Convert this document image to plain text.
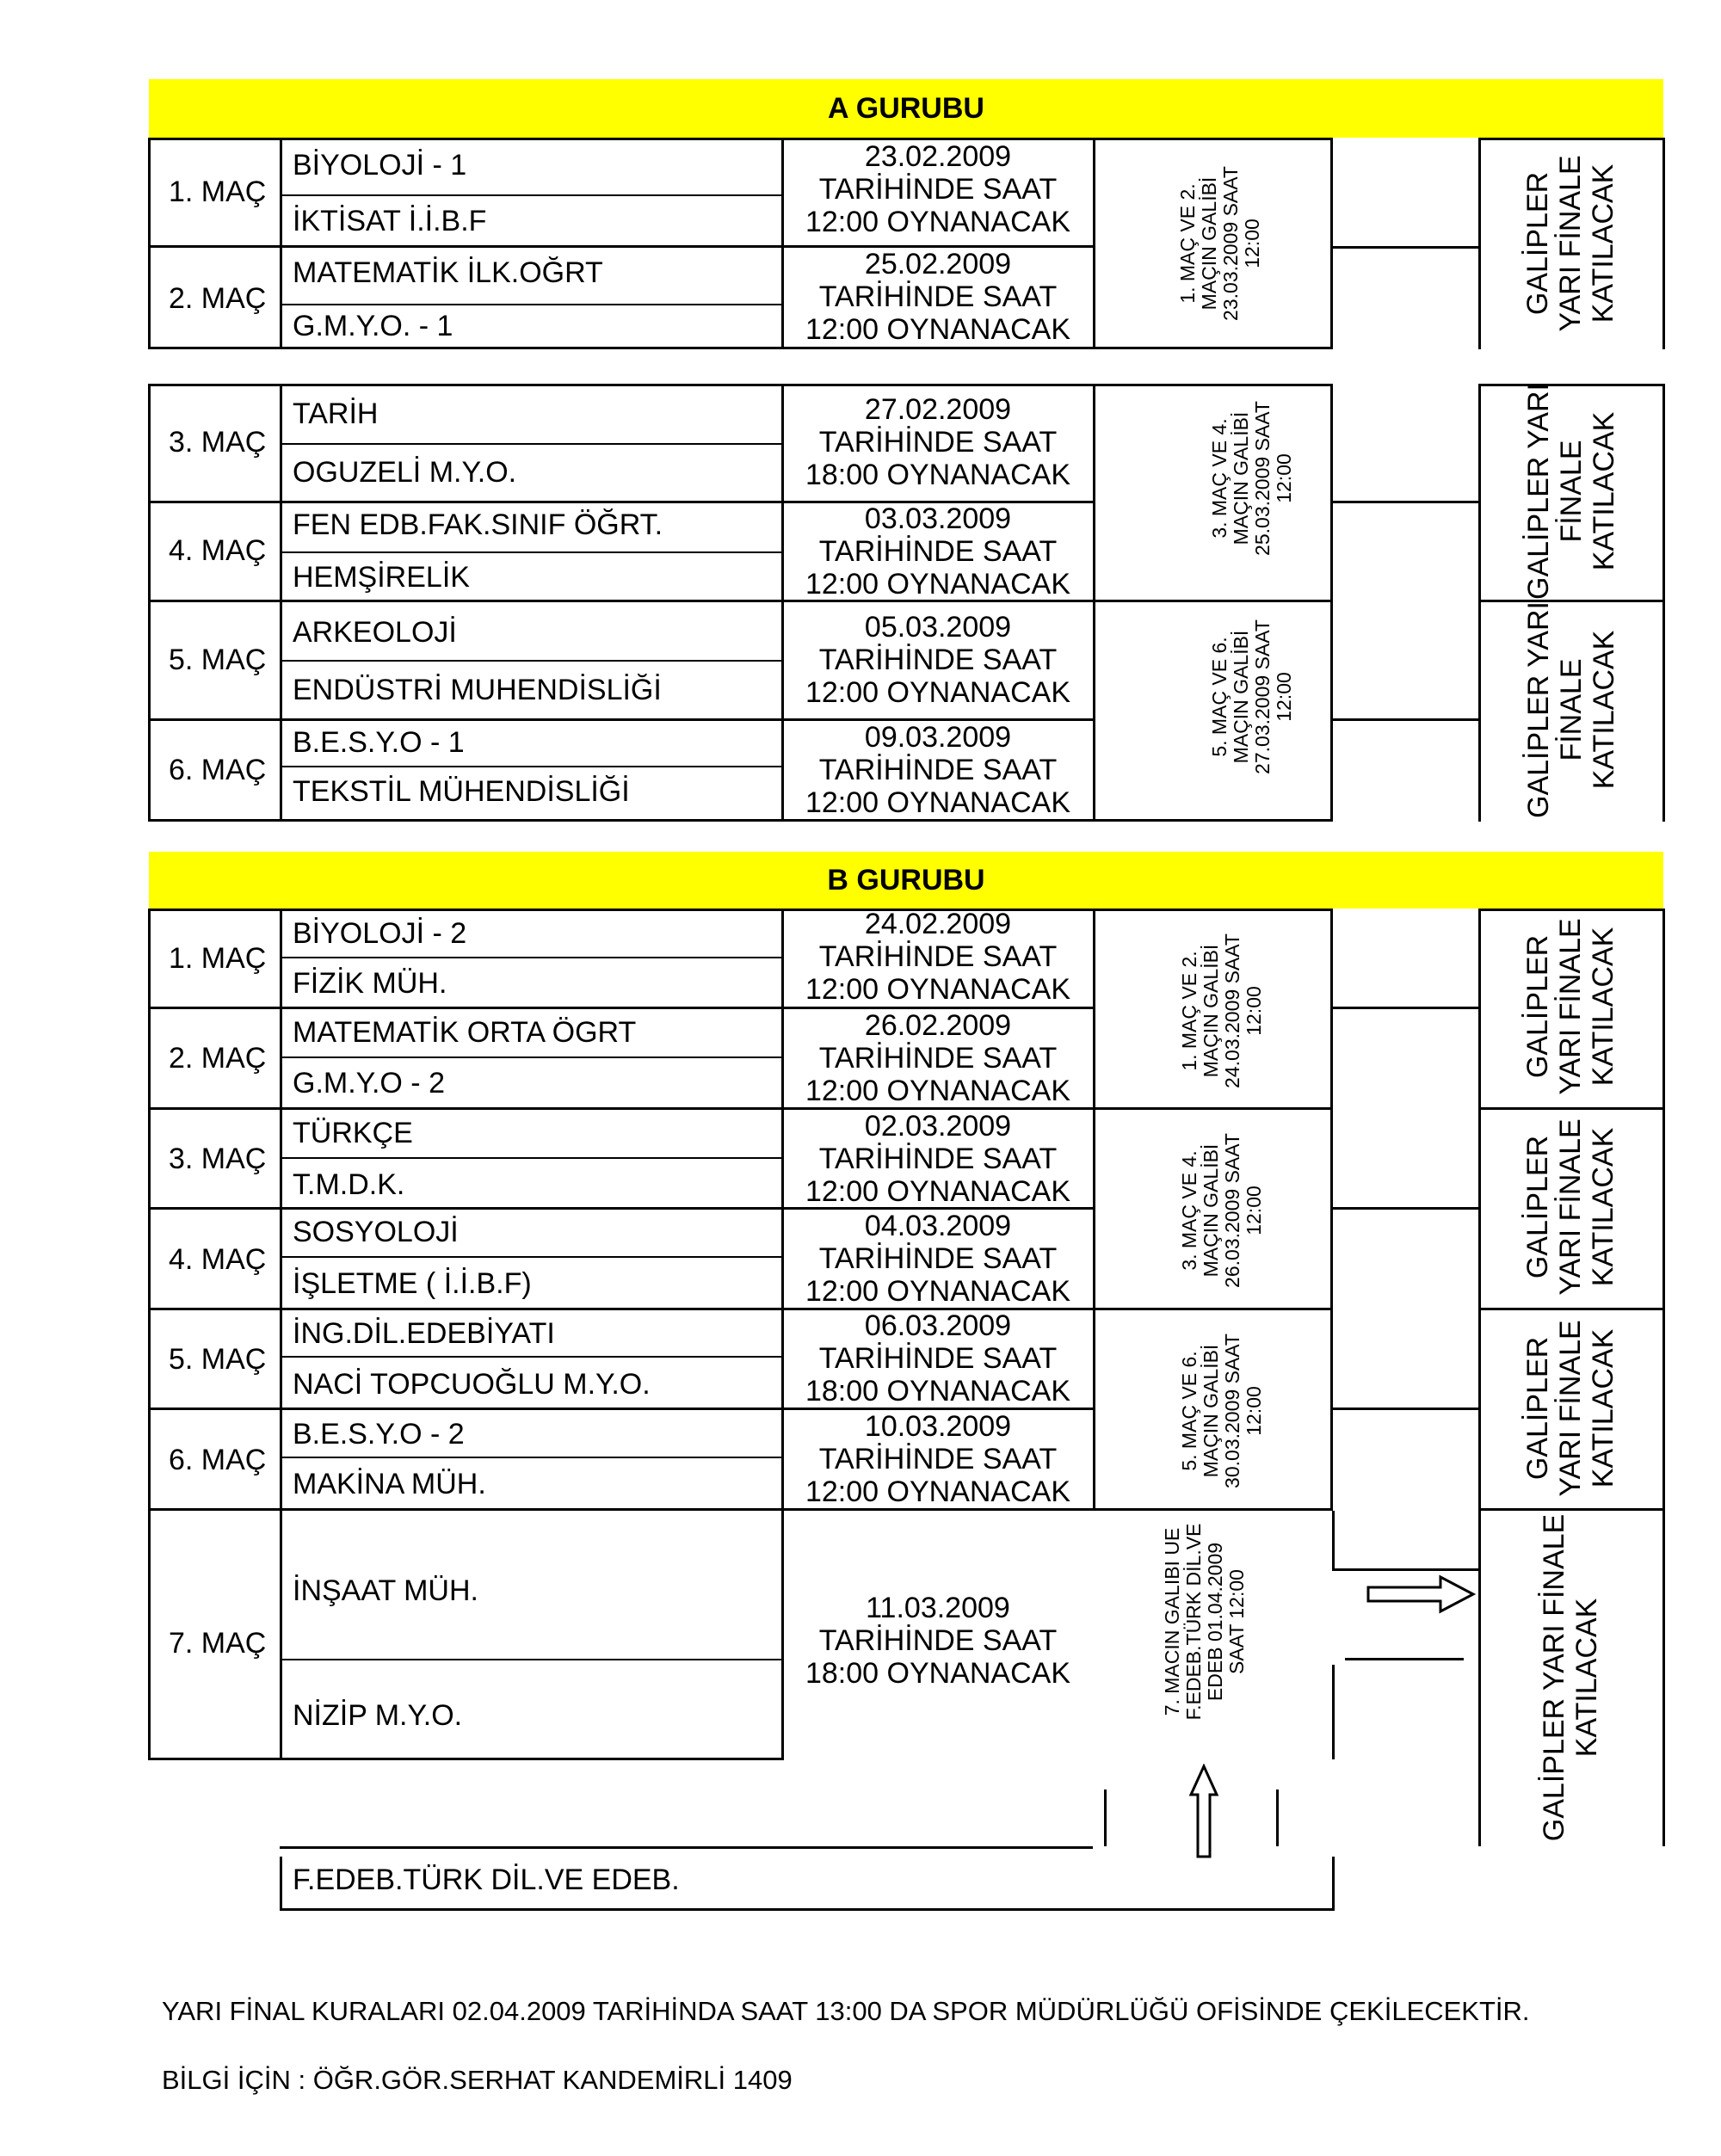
A GURUBU
1. MAÇ
BİYOLOJİ - 1
İKTİSAT İ.İ.B.F
23.02.2009
TARİHİNDE SAAT
12:00 OYNANACAK
2. MAÇ
MATEMATİK İLK.OĞRT
G.M.Y.O. - 1
25.02.2009
TARİHİNDE SAAT
12:00 OYNANACAK
1. MAÇ VE 2. MAÇIN GALİBİ 23.03.2009 SAAT 12:00	GALİPLER YARI FİNALE KATILACAK
3. MAÇ
TARİH
OGUZELİ M.Y.O.
27.02.2009
TARİHİNDE SAAT
18:00 OYNANACAK
4. MAÇ
FEN EDB.FAK.SINIF ÖĞRT.
HEMŞİRELİK
03.03.2009
TARİHİNDE SAAT
12:00 OYNANACAK
5. MAÇ
ARKEOLOJİ
ENDÜSTRİ MUHENDİSLİĞİ
05.03.2009
TARİHİNDE SAAT
12:00 OYNANACAK
6. MAÇ
B.E.S.Y.O - 1
TEKSTİL MÜHENDİSLİĞİ
09.03.2009
TARİHİNDE SAAT
12:00 OYNANACAK
3. MAÇ VE 4. MAÇIN GALİBİ 25.03.2009 SAAT 12:00
5. MAÇ VE 6. MAÇIN GALİBİ 27.03.2009 SAAT 12:00
GALİPLER YARI FİNALE KATILACAK
GALİPLER YARI FİNALE KATILACAK
B GURUBU
F.EDEB.TÜRK DİL.VE EDEB.
1. MAÇ
BİYOLOJİ - 2
FİZİK MÜH.
24.02.2009
TARİHİNDE SAAT
12:00 OYNANACAK
2. MAÇ
MATEMATİK ORTA ÖGRT
G.M.Y.O - 2
26.02.2009
TARİHİNDE SAAT
12:00 OYNANACAK
3. MAÇ
TÜRKÇE
T.M.D.K.
02.03.2009
TARİHİNDE SAAT
12:00 OYNANACAK
4. MAÇ
SOSYOLOJİ
İŞLETME ( İ.İ.B.F)
04.03.2009
TARİHİNDE SAAT
12:00 OYNANACAK
5. MAÇ
İNG.DİL.EDEBİYATI
NACİ TOPCUOĞLU M.Y.O.
06.03.2009
TARİHİNDE SAAT
18:00 OYNANACAK
6. MAÇ
B.E.S.Y.O - 2
MAKİNA MÜH.
10.03.2009
TARİHİNDE SAAT
12:00 OYNANACAK
7. MAÇ
İNŞAAT MÜH.
NİZİP M.Y.O.
11.03.2009
TARİHİNDE SAAT
18:00 OYNANACAK
1. MAÇ VE 2. MAÇIN GALİBİ 24.03.2009 SAAT 12:00
3. MAÇ VE 4. MAÇIN GALİBİ 26.03.2009 SAAT 12:00
5. MAÇ VE 6. MAÇIN GALİBİ 30.03.2009 SAAT 12:00
7. MACIN GALIBI UE F.EDEB.TÜRK DİL.VE EDEB 01.04.2009 SAAT 12:00
GALİPLER YARI FİNALE KATILACAK
GALİPLER YARI FİNALE KATILACAK
GALİPLER YARI FİNALE KATILACAK
GALİPLER YARI FİNALE KATILACAK
YARI FİNAL KURALARI 02.04.2009 TARİHİNDA SAAT 13:00 DA SPOR MÜDÜRLÜĞÜ OFİSİNDE ÇEKİLECEKTİR.
BİLGİ İÇİN : ÖĞR.GÖR.SERHAT KANDEMİRLİ 1409
